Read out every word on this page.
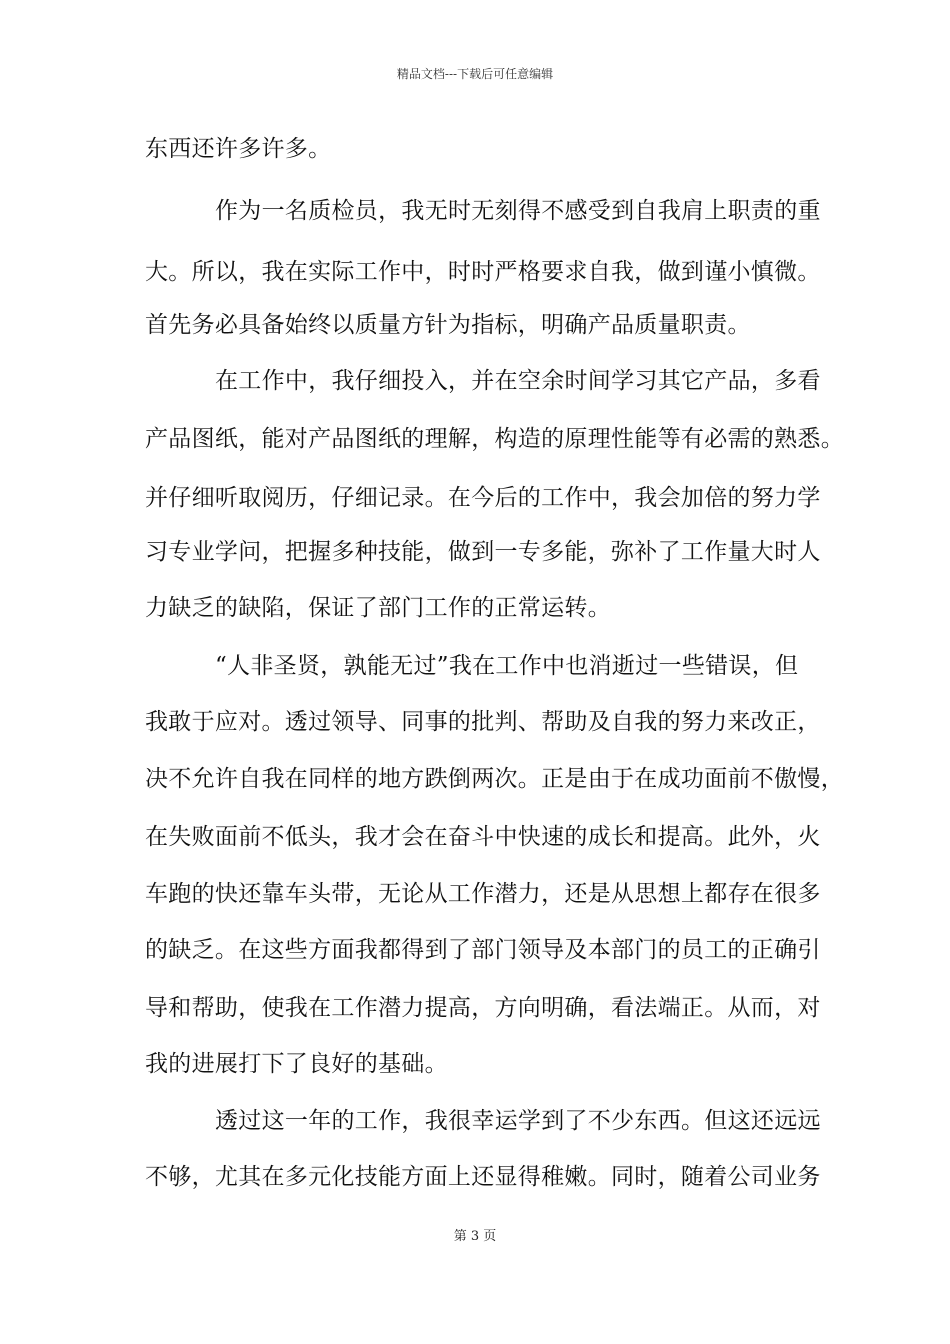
精品文档---下载后可任意编辑
东西还许多许多。
作为一名质检员，我无时无刻得不感受到自我肩上职责的重
大。所以，我在实际工作中，时时严格要求自我，做到谨小慎微。
首先务必具备始终以质量方针为指标，明确产品质量职责。
在工作中，我仔细投入，并在空余时间学习其它产品，多看
产品图纸，能对产品图纸的理解，构造的原理性能等有必需的熟悉。
并仔细听取阅历，仔细记录。在今后的工作中，我会加倍的努力学
习专业学问，把握多种技能，做到一专多能，弥补了工作量大时人
力缺乏的缺陷，保证了部门工作的正常运转。
“人非圣贤，孰能无过”我在工作中也消逝过一些错误，但
我敢于应对。透过领导、同事的批判、帮助及自我的努力来改正，
决不允许自我在同样的地方跌倒两次。正是由于在成功面前不傲慢，
在失败面前不低头，我才会在奋斗中快速的成长和提高。此外，火
车跑的快还靠车头带，无论从工作潜力，还是从思想上都存在很多
的缺乏。在这些方面我都得到了部门领导及本部门的员工的正确引
导和帮助，使我在工作潜力提高，方向明确，看法端正。从而，对
我的进展打下了良好的基础。
透过这一年的工作，我很幸运学到了不少东西。但这还远远
不够，尤其在多元化技能方面上还显得稚嫩。同时，随着公司业务
第 3 页
